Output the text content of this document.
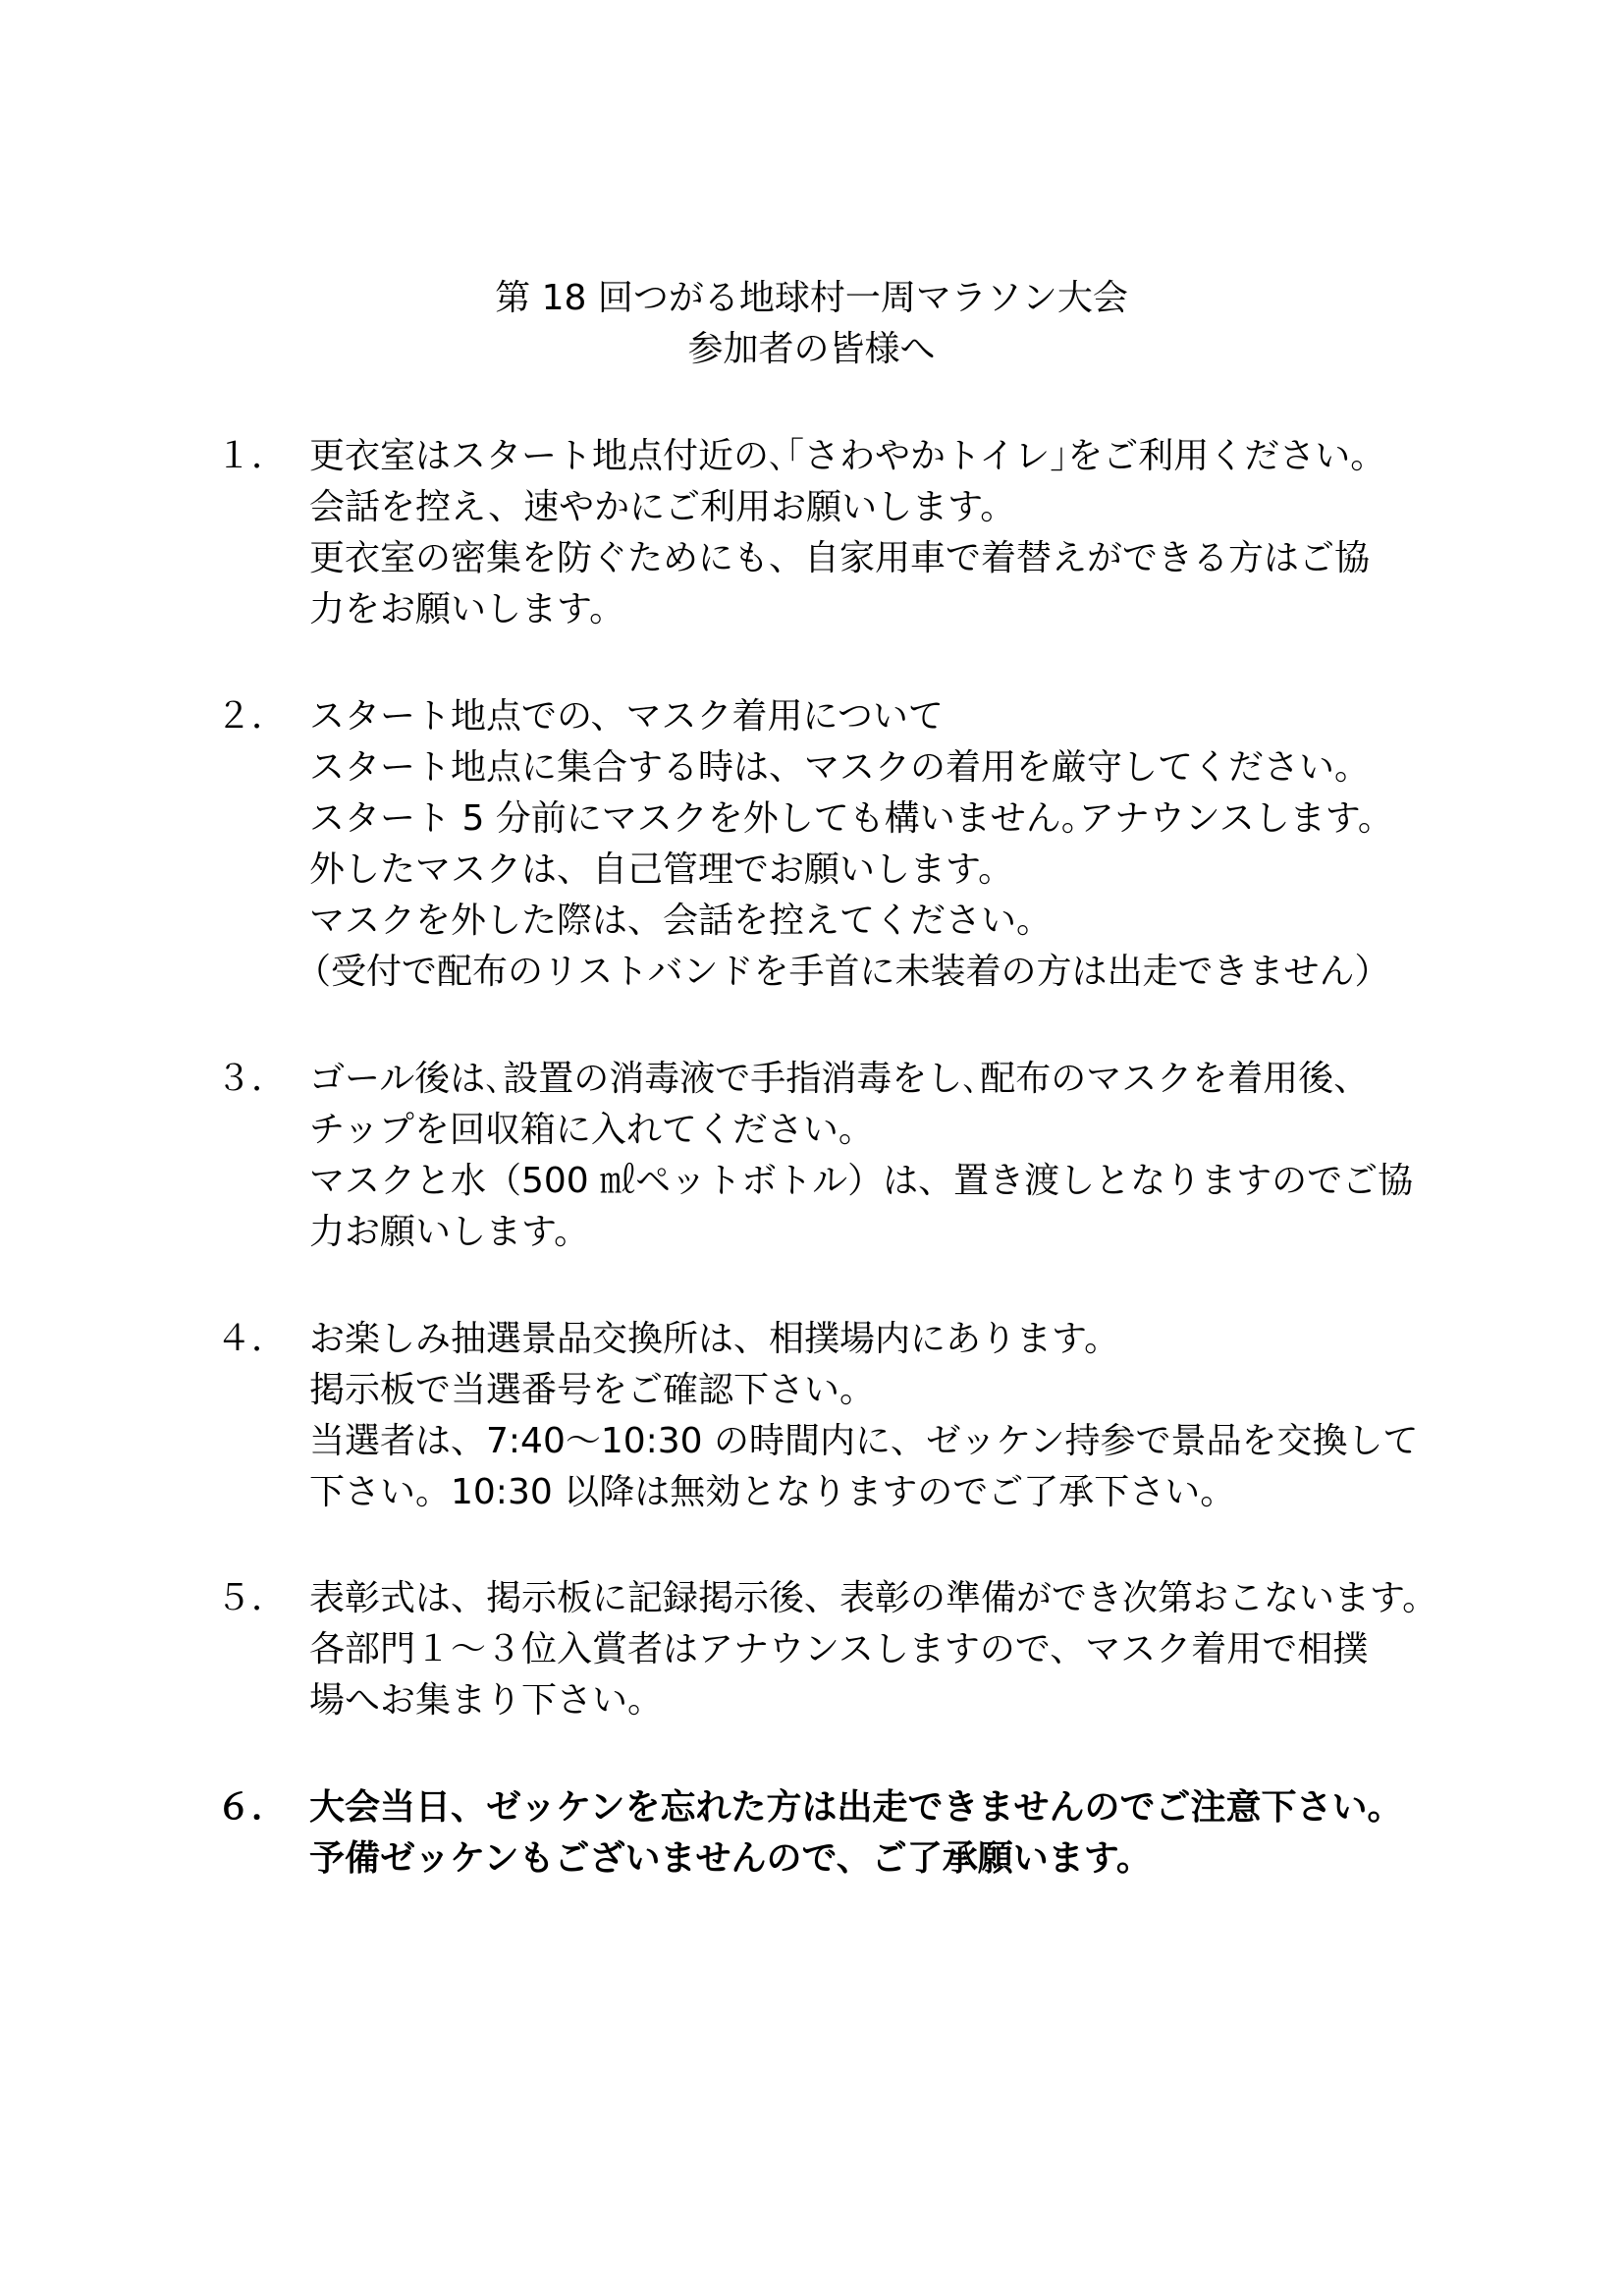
第 18 回つがる地球村一周マラソン大会
参加者の皆様へ
１． 更衣室はスタート地点付近の､｢さわやかトイレ｣をご利用ください。
会話を控え、速やかにご利用お願いします。
更衣室の密集を防ぐためにも、自家用車で着替えができる方はご協
力をお願いします。
２． スタート地点での、マスク着用について
スタート地点に集合する時は、マスクの着用を厳守してください。
スタート 5 分前にマスクを外しても構いません｡アナウンスします。
外したマスクは、自己管理でお願いします。
マスクを外した際は、会話を控えてください。
（受付で配布のリストバンドを手首に未装着の方は出走できません）
３． ゴール後は､設置の消毒液で手指消毒をし､配布のマスクを着用後、
チップを回収箱に入れてください。
マスクと水（500 ㎖ペットボトル）は、置き渡しとなりますのでご協
力お願いします。
４． お楽しみ抽選景品交換所は、相撲場内にあります。
掲示板で当選番号をご確認下さい。
当選者は、7:40～10:30 の時間内に、ゼッケン持参で景品を交換して
下さい。10:30 以降は無効となりますのでご了承下さい。
５． 表彰式は、掲示板に記録掲示後、表彰の準備ができ次第おこないます。
各部門１～３位入賞者はアナウンスしますので、マスク着用で相撲
場へお集まり下さい。
６． 大会当日、ゼッケンを忘れた方は出走できませんのでご注意下さい。
予備ゼッケンもございませんので、ご了承願います。
